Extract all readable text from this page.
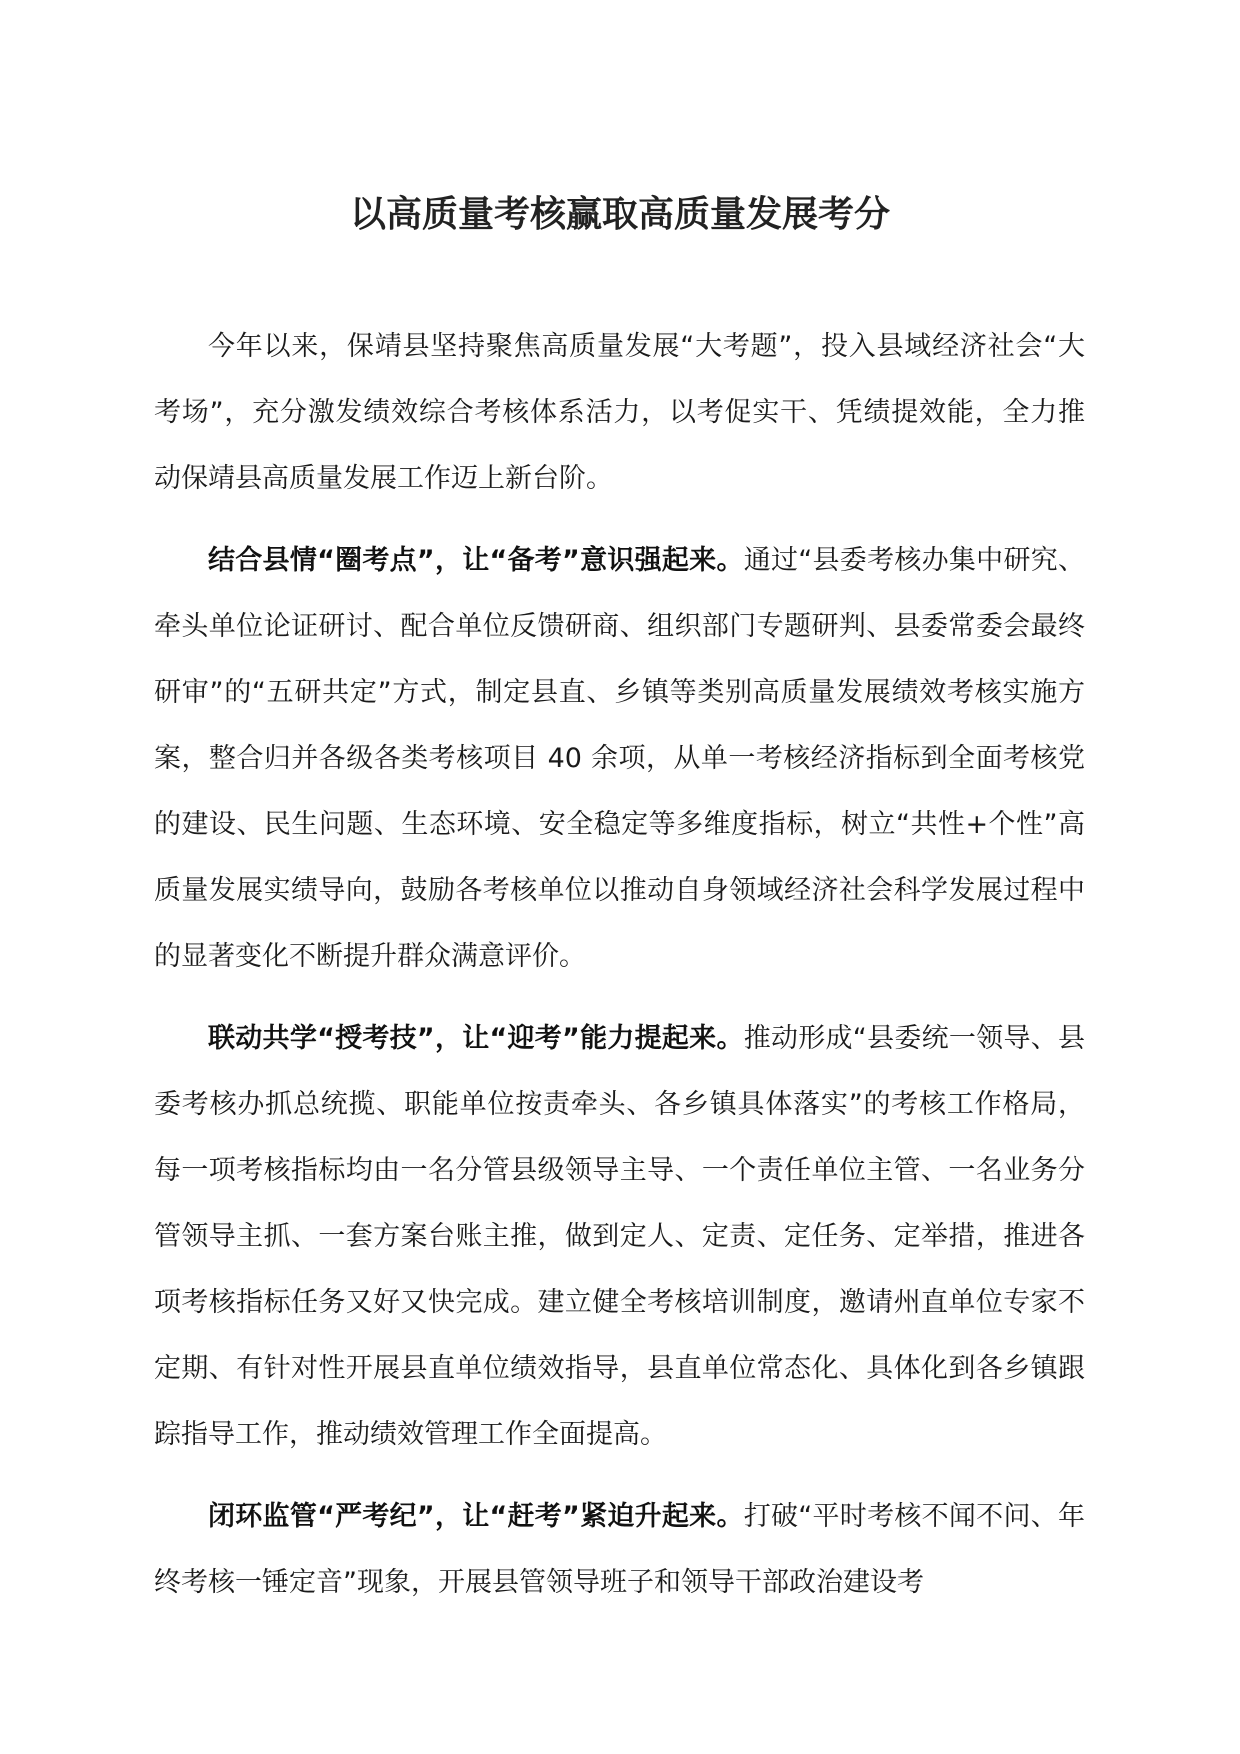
以高质量考核赢取高质量发展考分

今年以来，保靖县坚持聚焦高质量发展“大考题”，投入县域经济社会“大考场”，充分激发绩效综合考核体系活力，以考促实干、凭绩提效能，全力推动保靖县高质量发展工作迈上新台阶。

结合县情“圈考点”，让“备考”意识强起来。通过“县委考核办集中研究、牵头单位论证研讨、配合单位反馈研商、组织部门专题研判、县委常委会最终研审”的“五研共定”方式，制定县直、乡镇等类别高质量发展绩效考核实施方案，整合归并各级各类考核项目 40 余项，从单一考核经济指标到全面考核党的建设、民生问题、生态环境、安全稳定等多维度指标，树立“共性+个性”高质量发展实绩导向，鼓励各考核单位以推动自身领域经济社会科学发展过程中的显著变化不断提升群众满意评价。

联动共学“授考技”，让“迎考”能力提起来。推动形成“县委统一领导、县委考核办抓总统揽、职能单位按责牵头、各乡镇具体落实”的考核工作格局，每一项考核指标均由一名分管县级领导主导、一个责任单位主管、一名业务分管领导主抓、一套方案台账主推，做到定人、定责、定任务、定举措，推进各项考核指标任务又好又快完成。建立健全考核培训制度，邀请州直单位专家不定期、有针对性开展县直单位绩效指导，县直单位常态化、具体化到各乡镇跟踪指导工作，推动绩效管理工作全面提高。

闭环监管“严考纪”，让“赶考”紧迫升起来。打破“平时考核不闻不问、年终考核一锤定音”现象，开展县管领导班子和领导干部政治建设考
